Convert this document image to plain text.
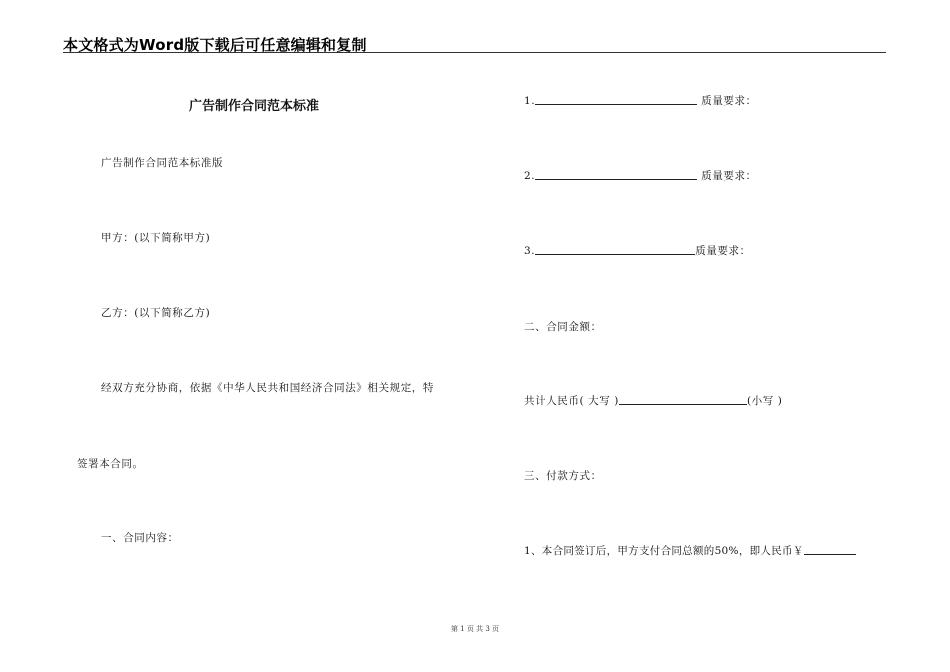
本文格式为Word版下载后可任意编辑和复制
广告制作合同范本标准
广告制作合同范本标准版
甲方：(以下简称甲方)
乙方：(以下简称乙方)
经双方充分协商，依据《中华人民共和国经济合同法》相关规定，特
签署本合同。
一、合同内容：
1.	质量要求：
2.	质量要求：
3.	质量要求：
二、合同金额：
共计人民币( 大写 )	(小写 )
三、付款方式：
1、本合同签订后，甲方支付合同总额的50%，即人民币￥
第 1 页 共 3 页
